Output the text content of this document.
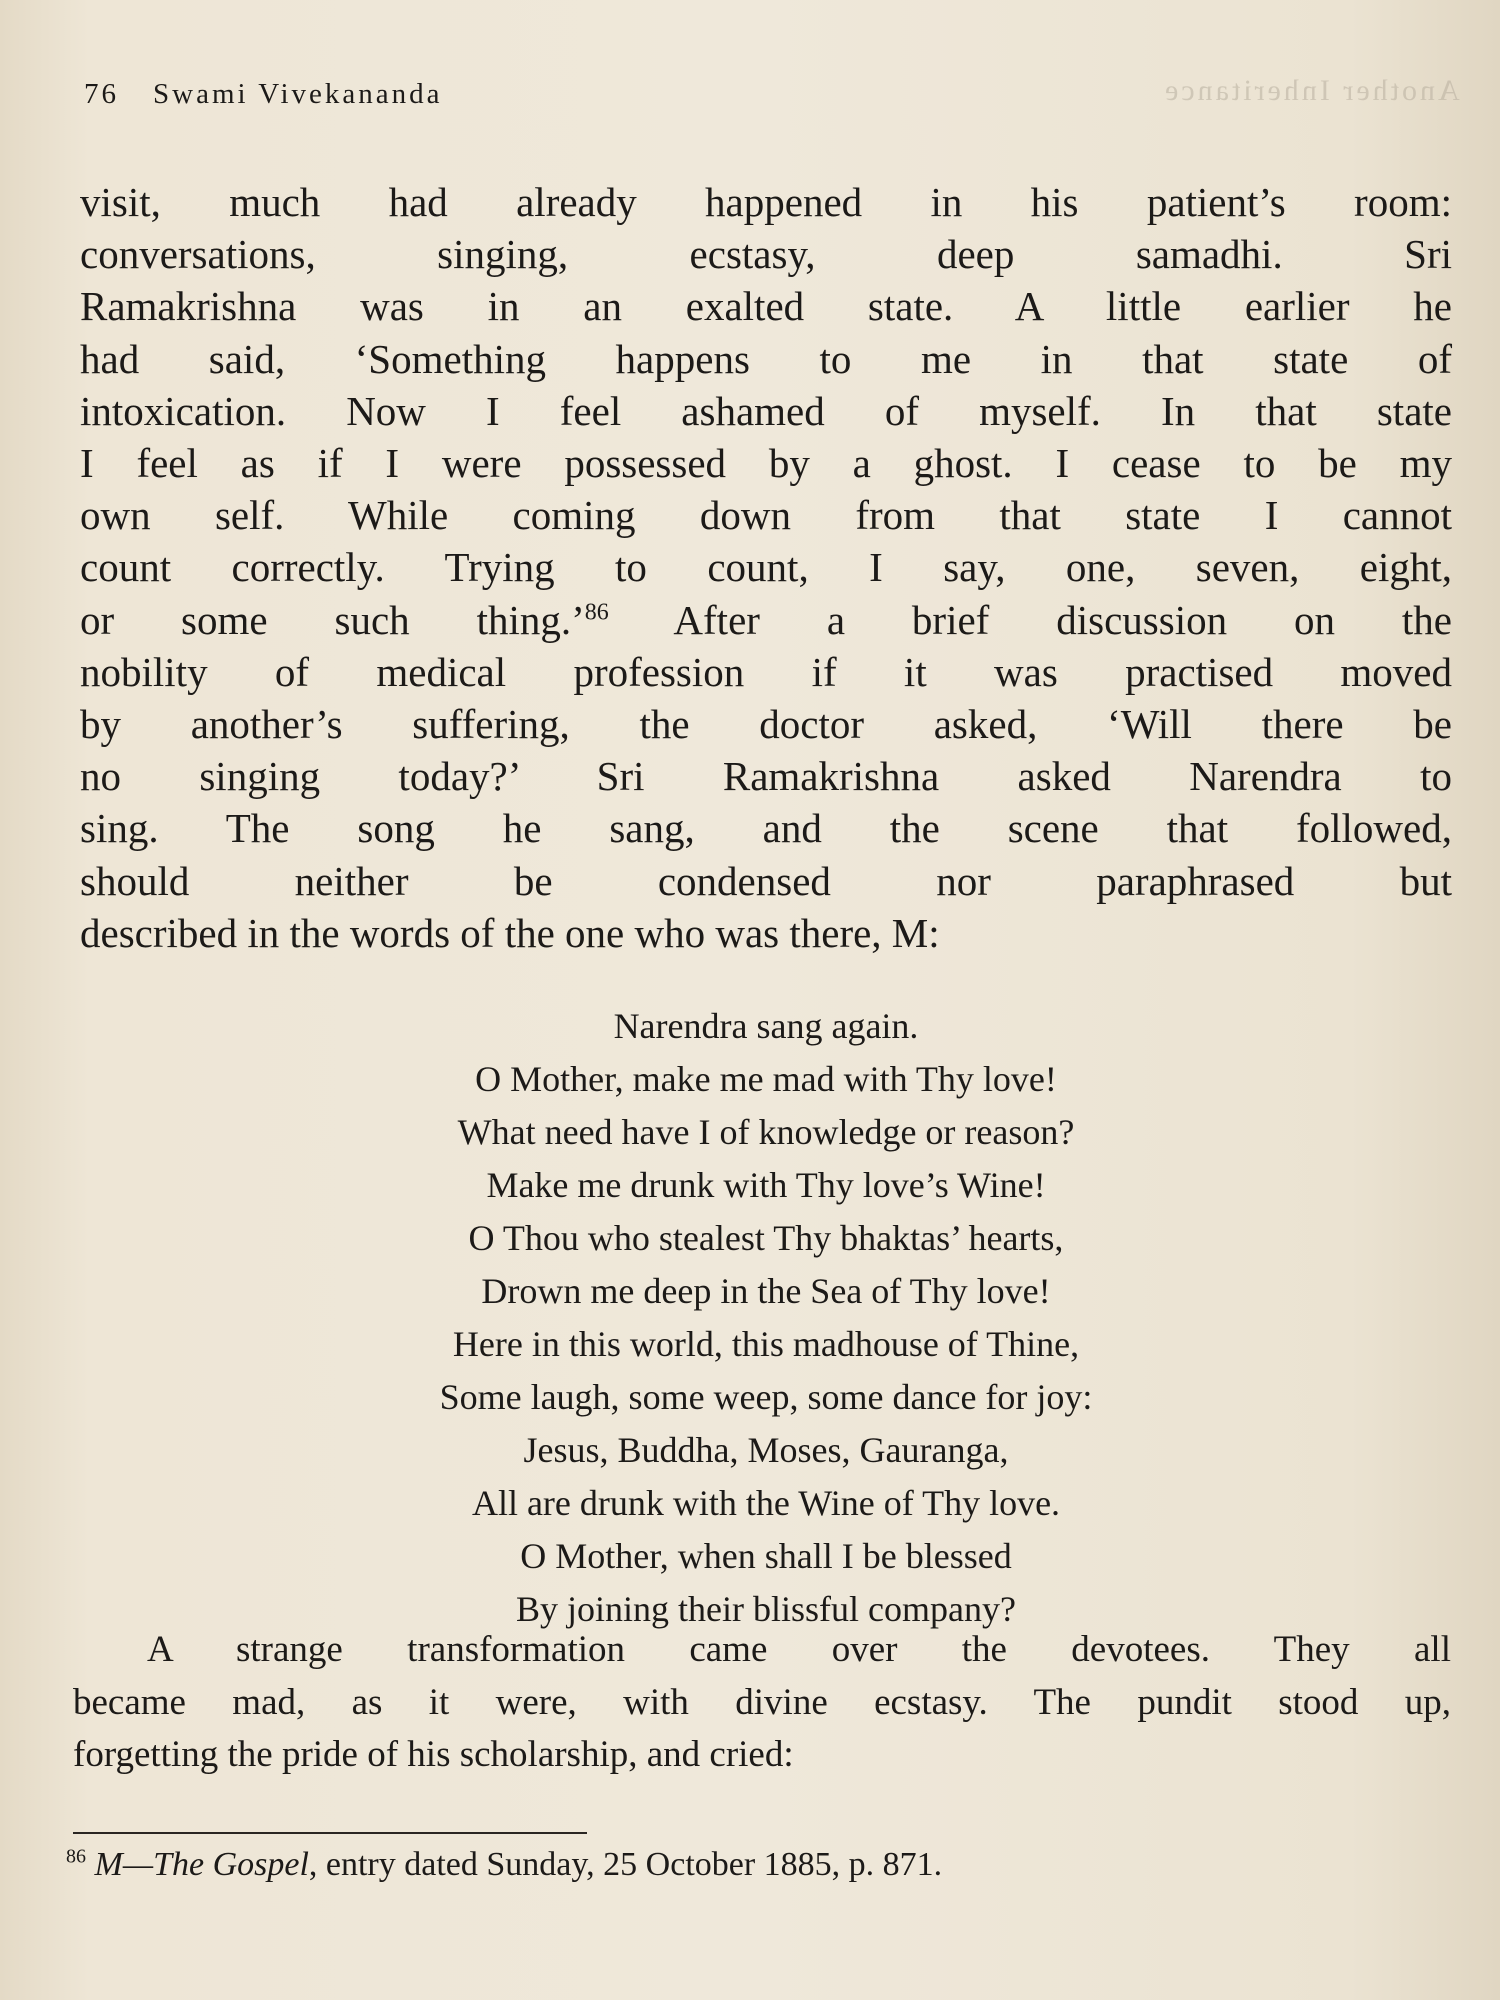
76 Swami Vivekananda	Another Inheritance
visit, much had already happened in his patient’s room:
conversations, singing, ecstasy, deep samadhi. Sri
Ramakrishna was in an exalted state. A little earlier he
had said, ‘Something happens to me in that state of
intoxication. Now I feel ashamed of myself. In that state
I feel as if I were possessed by a ghost. I cease to be my
own self. While coming down from that state I cannot
count correctly. Trying to count, I say, one, seven, eight,
or some such thing.’$^{86}$ After a brief discussion on the
nobility of medical profession if it was practised moved
by another’s suffering, the doctor asked, ‘Will there be
no singing today?’ Sri Ramakrishna asked Narendra to
sing. The song he sang, and the scene that followed,
should neither be condensed nor paraphrased but
described in the words of the one who was there, M:
Narendra sang again.
O Mother, make me mad with Thy love!
What need have I of knowledge or reason?
Make me drunk with Thy love’s Wine!
O Thou who stealest Thy bhaktas’ hearts,
Drown me deep in the Sea of Thy love!
Here in this world, this madhouse of Thine,
Some laugh, some weep, some dance for joy:
Jesus, Buddha, Moses, Gauranga,
All are drunk with the Wine of Thy love.
O Mother, when shall I be blessed
By joining their blissful company?
A strange transformation came over the devotees. They all
became mad, as it were, with divine ecstasy. The pundit stood up,
forgetting the pride of his scholarship, and cried:
$^{86}$ M—The Gospel, entry dated Sunday, 25 October 1885, p. 871.
